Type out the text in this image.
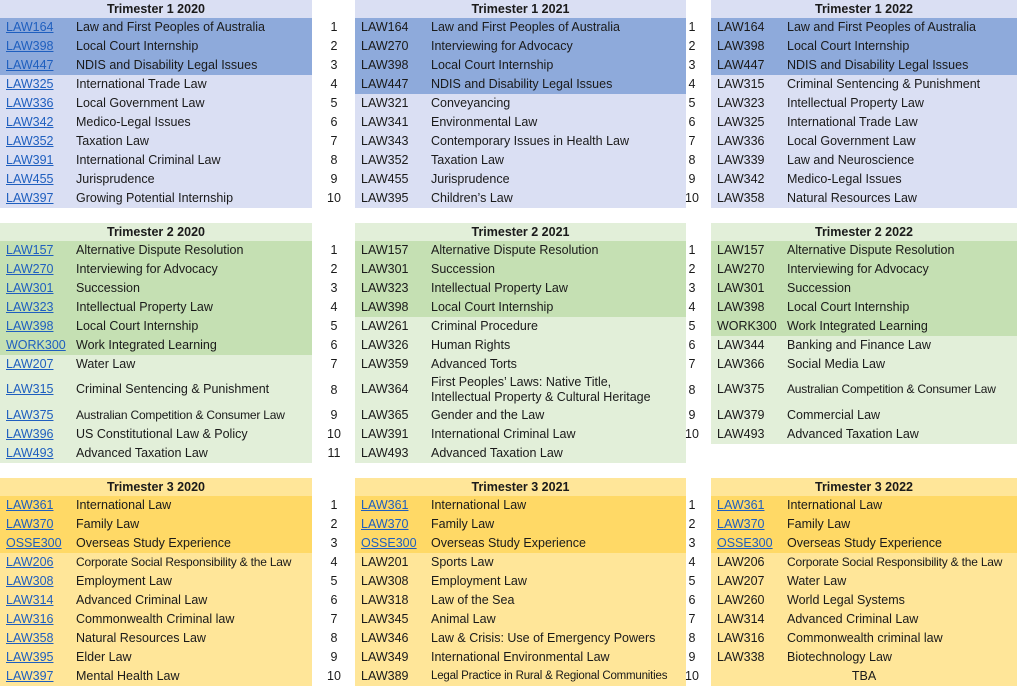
Trimester 1 2020
LAW164 Law and First Peoples of Australia	1
LAW398 Local Court Internship	2
LAW447 NDIS and Disability Legal Issues	3
LAW325 International Trade Law	4
LAW336 Local Government Law	5
LAW342 Medico-Legal Issues	6
LAW352 Taxation Law	7
LAW391 International Criminal Law	8
LAW455 Jurisprudence	9
LAW397 Growing Potential Internship	10
Trimester 2 2020
LAW157 Alternative Dispute Resolution	1
LAW270 Interviewing for Advocacy	2
LAW301 Succession	3
LAW323 Intellectual Property Law	4
LAW398 Local Court Internship	5
WORK300 Work Integrated Learning	6
LAW207 Water Law	7
LAW315 Criminal Sentencing & Punishment	8
LAW375 Australian Competition & Consumer Law	9
LAW396 US Constitutional Law & Policy	10
LAW493 Advanced Taxation Law	11
Trimester 3 2020
LAW361 International Law	1
LAW370 Family Law	2
OSSE300 Overseas Study Experience	3
LAW206 Corporate Social Responsibility & the Law	4
LAW308 Employment Law	5
LAW314 Advanced Criminal Law	6
LAW316 Commonwealth Criminal law	7
LAW358 Natural Resources Law	8
LAW395 Elder Law	9
LAW397 Mental Health Law	10
Trimester 1 2021
LAW164 Law and First Peoples of Australia	1
LAW270 Interviewing for Advocacy	2
LAW398 Local Court Internship	3
LAW447 NDIS and Disability Legal Issues	4
LAW321 Conveyancing	5
LAW341 Environmental Law	6
LAW343 Contemporary Issues in Health Law	7
LAW352 Taxation Law	8
LAW455 Jurisprudence	9
LAW395 Children’s Law	10
Trimester 2 2021
LAW157 Alternative Dispute Resolution	1
LAW301 Succession	2
LAW323 Intellectual Property Law	3
LAW398 Local Court Internship	4
LAW261 Criminal Procedure	5
LAW326 Human Rights	6
LAW359 Advanced Torts	7
LAW364 First Peoples’ Laws: Native Title,
Intellectual Property & Cultural Heritage	8
LAW365 Gender and the Law	9
LAW391 International Criminal Law	10
LAW493 Advanced Taxation Law
Trimester 3 2021
LAW361 International Law	1
LAW370 Family Law	2
OSSE300 Overseas Study Experience	3
LAW201 Sports Law	4
LAW308 Employment Law	5
LAW318 Law of the Sea	6
LAW345 Animal Law	7
LAW346 Law & Crisis: Use of Emergency Powers	8
LAW349 International Environmental Law	9
LAW389 Legal Practice in Rural & Regional Communities	10
Trimester 1 2022
LAW164 Law and First Peoples of Australia
LAW398 Local Court Internship
LAW447 NDIS and Disability Legal Issues
LAW315 Criminal Sentencing & Punishment
LAW323 Intellectual Property Law
LAW325 International Trade Law
LAW336 Local Government Law
LAW339 Law and Neuroscience
LAW342 Medico-Legal Issues
LAW358 Natural Resources Law
Trimester 2 2022
LAW157 Alternative Dispute Resolution
LAW270 Interviewing for Advocacy
LAW301 Succession
LAW398 Local Court Internship
WORK300 Work Integrated Learning
LAW344 Banking and Finance Law
LAW366 Social Media Law
LAW375 Australian Competition & Consumer Law
LAW379 Commercial Law
LAW493 Advanced Taxation Law
Trimester 3 2022
LAW361 International Law
LAW370 Family Law
OSSE300 Overseas Study Experience
LAW206 Corporate Social Responsibility & the Law
LAW207 Water Law
LAW260 World Legal Systems
LAW314 Advanced Criminal Law
LAW316 Commonwealth criminal law
LAW338 Biotechnology Law
TBA
